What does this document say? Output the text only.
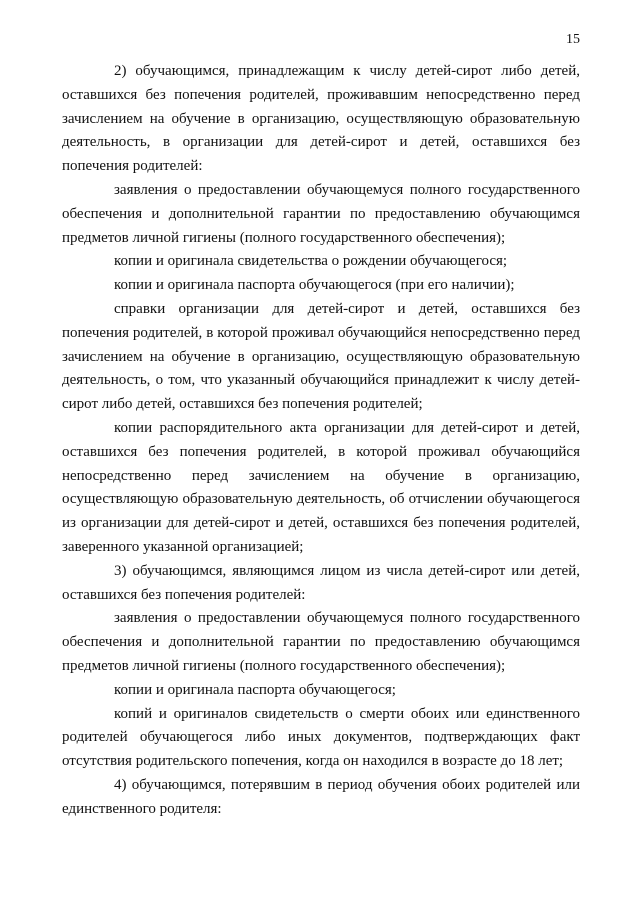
15

2) обучающимся, принадлежащим к числу детей-сирот либо детей, оставшихся без попечения родителей, проживавшим непосредственно перед зачислением на обучение в организацию, осуществляющую образовательную деятельность, в организации для детей-сирот и детей, оставшихся без попечения родителей:

заявления о предоставлении обучающемуся полного государственного обеспечения и дополнительной гарантии по предоставлению обучающимся предметов личной гигиены (полного государственного обеспечения);

копии и оригинала свидетельства о рождении обучающегося;

копии и оригинала паспорта обучающегося (при его наличии);

справки организации для детей-сирот и детей, оставшихся без попечения родителей, в которой проживал обучающийся непосредственно перед зачислением на обучение в организацию, осуществляющую образовательную деятельность, о том, что указанный обучающийся принадлежит к числу детей-сирот либо детей, оставшихся без попечения родителей;

копии распорядительного акта организации для детей-сирот и детей, оставшихся без попечения родителей, в которой проживал обучающийся непосредственно перед зачислением на обучение в организацию, осуществляющую образовательную деятельность, об отчислении обучающегося из организации для детей-сирот и детей, оставшихся без попечения родителей, заверенного указанной организацией;

3) обучающимся, являющимся лицом из числа детей-сирот или детей, оставшихся без попечения родителей:

заявления о предоставлении обучающемуся полного государственного обеспечения и дополнительной гарантии по предоставлению обучающимся предметов личной гигиены (полного государственного обеспечения);

копии и оригинала паспорта обучающегося;

копий и оригиналов свидетельств о смерти обоих или единственного родителей обучающегося либо иных документов, подтверждающих факт отсутствия родительского попечения, когда он находился в возрасте до 18 лет;

4) обучающимся, потерявшим в период обучения обоих родителей или единственного родителя:
